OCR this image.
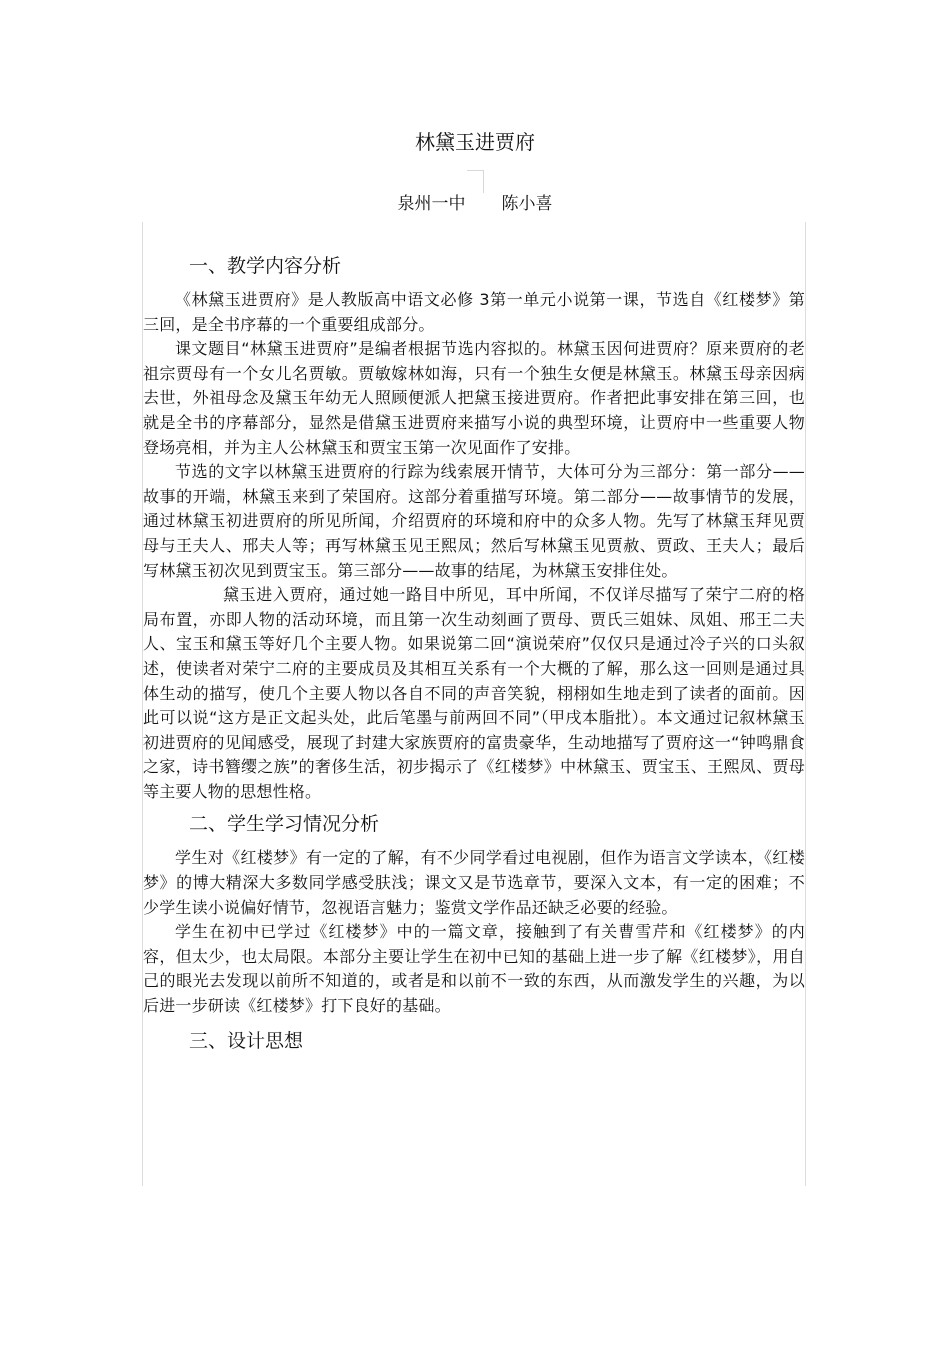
林黛玉进贾府
泉州一中 陈小喜
一、教学内容分析

《林黛玉进贾府》是人教版高中语文必修 3第一单元小说第一课，节选自《红楼梦》第三回，是全书序幕的一个重要组成部分。

课文题目“林黛玉进贾府”是编者根据节选内容拟的。林黛玉因何进贾府？原来贾府的老祖宗贾母有一个女儿名贾敏。贾敏嫁林如海，只有一个独生女便是林黛玉。林黛玉母亲因病去世，外祖母念及黛玉年幼无人照顾便派人把黛玉接进贾府。作者把此事安排在第三回，也就是全书的序幕部分，显然是借黛玉进贾府来描写小说的典型环境，让贾府中一些重要人物登场亮相，并为主人公林黛玉和贾宝玉第一次见面作了安排。

节选的文字以林黛玉进贾府的行踪为线索展开情节，大体可分为三部分：第一部分——故事的开端，林黛玉来到了荣国府。这部分着重描写环境。第二部分——故事情节的发展，通过林黛玉初进贾府的所见所闻，介绍贾府的环境和府中的众多人物。先写了林黛玉拜见贾母与王夫人、邢夫人等；再写林黛玉见王熙凤；然后写林黛玉见贾赦、贾政、王夫人；最后写林黛玉初次见到贾宝玉。第三部分——故事的结尾，为林黛玉安排住处。

黛玉进入贾府，通过她一路目中所见，耳中所闻，不仅详尽描写了荣宁二府的格局布置，亦即人物的活动环境，而且第一次生动刻画了贾母、贾氏三姐妹、凤姐、邢王二夫人、宝玉和黛玉等好几个主要人物。如果说第二回“演说荣府”仅仅只是通过冷子兴的口头叙述，使读者对荣宁二府的主要成员及其相互关系有一个大概的了解，那么这一回则是通过具体生动的描写，使几个主要人物以各自不同的声音笑貌，栩栩如生地走到了读者的面前。因此可以说“这方是正文起头处，此后笔墨与前两回不同”（甲戌本脂批）。本文通过记叙林黛玉初进贾府的见闻感受，展现了封建大家族贾府的富贵豪华，生动地描写了贾府这一“钟鸣鼎食之家，诗书簪缨之族”的奢侈生活，初步揭示了《红楼梦》中林黛玉、贾宝玉、王熙凤、贾母等主要人物的思想性格。

二、学生学习情况分析

学生对《红楼梦》有一定的了解，有不少同学看过电视剧，但作为语言文学读本，《红楼梦》的博大精深大多数同学感受肤浅；课文又是节选章节，要深入文本，有一定的困难；不少学生读小说偏好情节，忽视语言魅力；鉴赏文学作品还缺乏必要的经验。

学生在初中已学过《红楼梦》中的一篇文章，接触到了有关曹雪芹和《红楼梦》的内容，但太少，也太局限。本部分主要让学生在初中已知的基础上进一步了解《红楼梦》，用自己的眼光去发现以前所不知道的，或者是和以前不一致的东西，从而激发学生的兴趣，为以后进一步研读《红楼梦》打下良好的基础。

三、设计思想
